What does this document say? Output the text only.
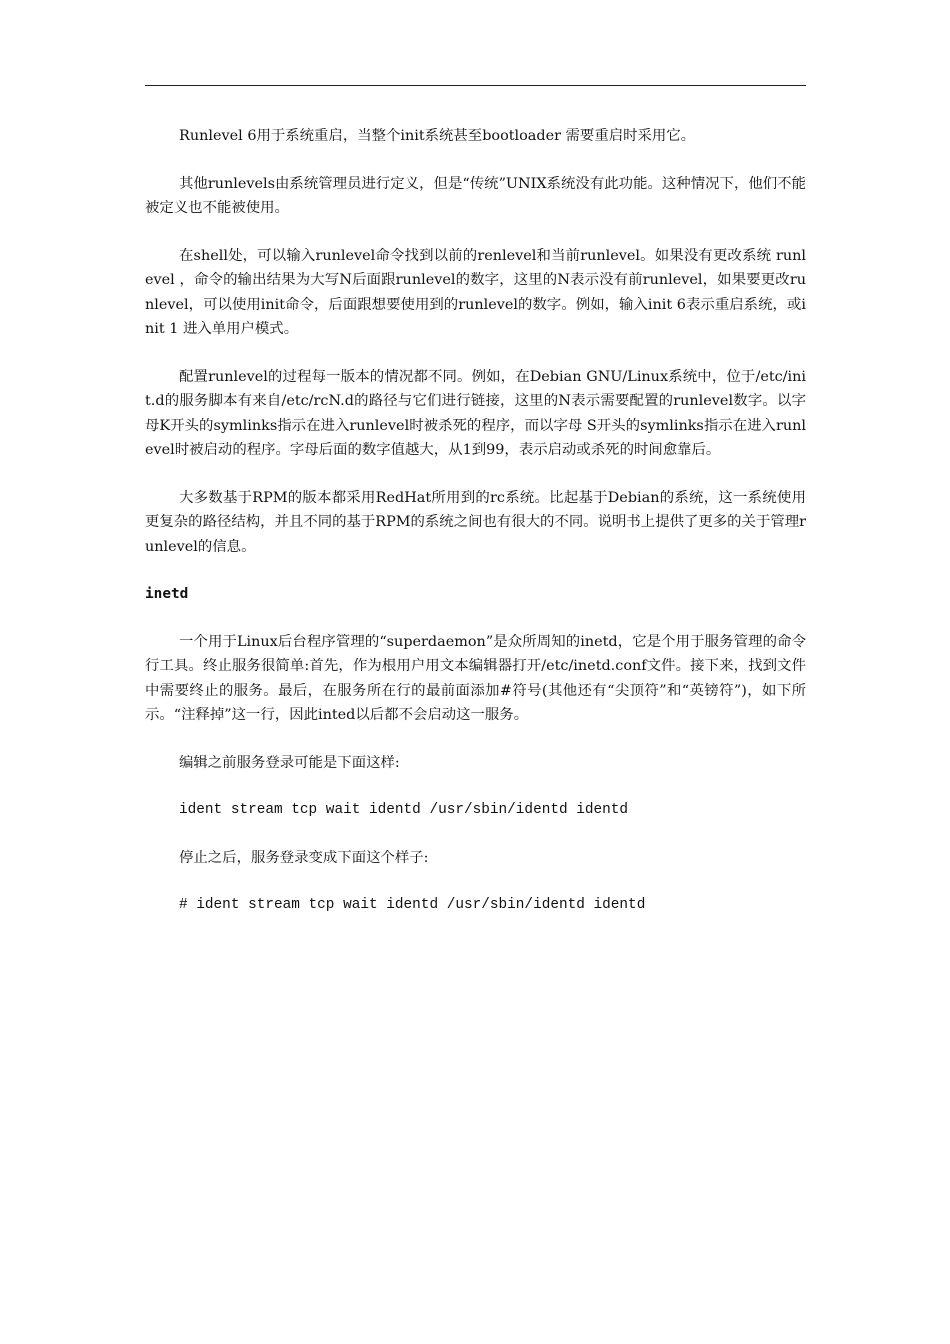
Runlevel 6用于系统重启，当整个init系统甚至bootloader 需要重启时采用它。

其他runlevels由系统管理员进行定义，但是“传统”UNIX系统没有此功能。这种情况下，他们不能被定义也不能被使用。

在shell处，可以输入runlevel命令找到以前的renlevel和当前runlevel。如果没有更改系统 runlevel ，命令的输出结果为大写N后面跟runlevel的数字，这里的N表示没有前runlevel，如果要更改runlevel，可以使用init命令，后面跟想要使用到的runlevel的数字。例如，输入init 6表示重启系统，或init 1 进入单用户模式。

配置runlevel的过程每一版本的情况都不同。例如，在Debian GNU/Linux系统中，位于/etc/init.d的服务脚本有来自/etc/rcN.d的路径与它们进行链接，这里的N表示需要配置的runlevel数字。以字母K开头的symlinks指示在进入runlevel时被杀死的程序，而以字母 S开头的symlinks指示在进入runlevel时被启动的程序。字母后面的数字值越大，从1到99，表示启动或杀死的时间愈靠后。

大多数基于RPM的版本都采用RedHat所用到的rc系统。比起基于Debian的系统，这一系统使用更复杂的路径结构，并且不同的基于RPM的系统之间也有很大的不同。说明书上提供了更多的关于管理runlevel的信息。

inetd

一个用于Linux后台程序管理的“superdaemon”是众所周知的inetd，它是个用于服务管理的命令行工具。终止服务很简单:首先，作为根用户用文本编辑器打开/etc/inetd.conf文件。接下来，找到文件中需要终止的服务。最后，在服务所在行的最前面添加#符号(其他还有“尖顶符”和“英镑符”)，如下所示。“注释掉”这一行，因此inted以后都不会启动这一服务。

编辑之前服务登录可能是下面这样:

ident stream tcp wait identd /usr/sbin/identd identd

停止之后，服务登录变成下面这个样子:

# ident stream tcp wait identd /usr/sbin/identd identd
